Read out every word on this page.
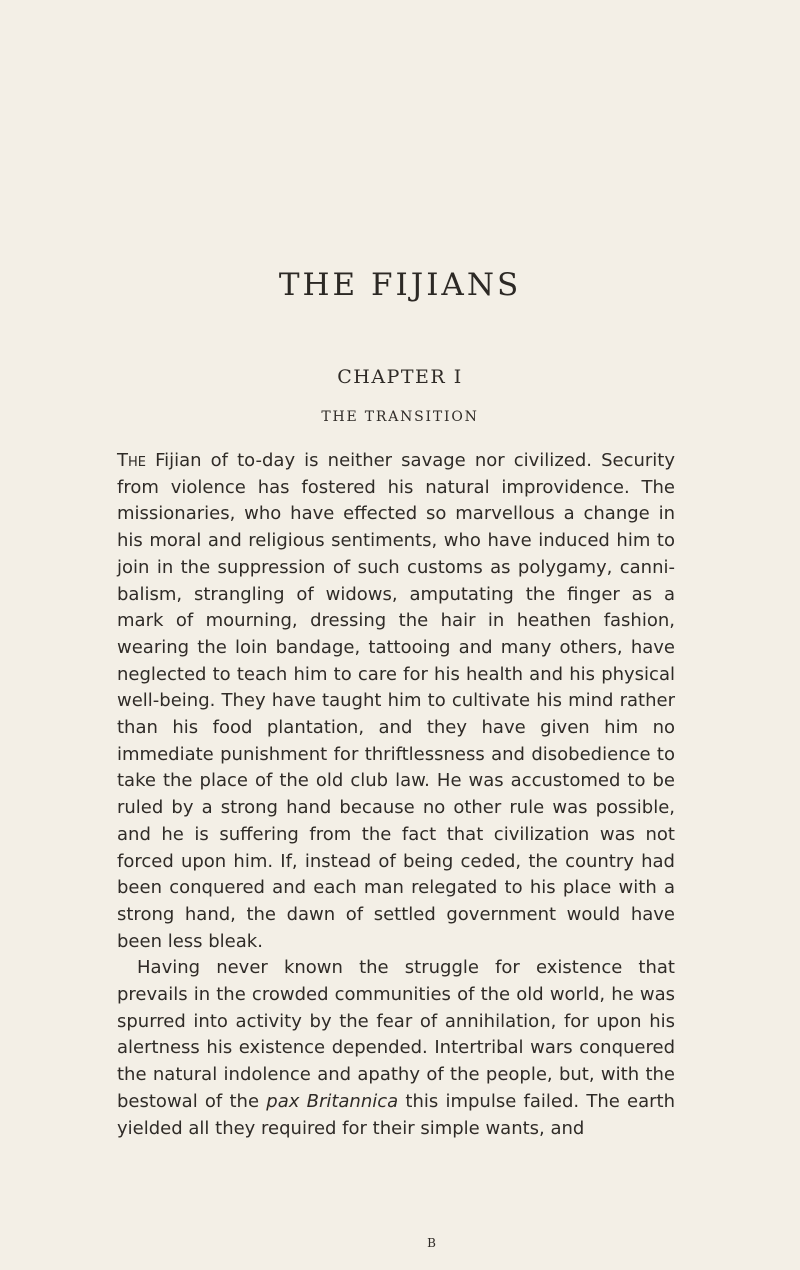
THE FIJIANS
CHAPTER I
THE TRANSITION

The Fijian of to-day is neither savage nor civilized. Security from violence has fostered his natural improvidence. The missionaries, who have effected so marvellous a change in his moral and religious sentiments, who have induced him to join in the suppression of such customs as polygamy, canni- balism, strangling of widows, amputating the finger as a mark of mourning, dressing the hair in heathen fashion, wearing the loin bandage, tattooing and many others, have neglected to teach him to care for his health and his physical well-being. They have taught him to cultivate his mind rather than his food plantation, and they have given him no immediate punishment for thriftlessness and disobedience to take the place of the old club law. He was accustomed to be ruled by a strong hand because no other rule was possible, and he is suffering from the fact that civilization was not forced upon him. If, instead of being ceded, the country had been conquered and each man relegated to his place with a strong hand, the dawn of settled government would have been less bleak.

Having never known the struggle for existence that prevails in the crowded communities of the old world, he was spurred into activity by the fear of annihilation, for upon his alertness his existence depended. Intertribal wars conquered the natural indolence and apathy of the people, but, with the bestowal of the pax Britannica this impulse failed. The earth yielded all they required for their simple wants, and

B
